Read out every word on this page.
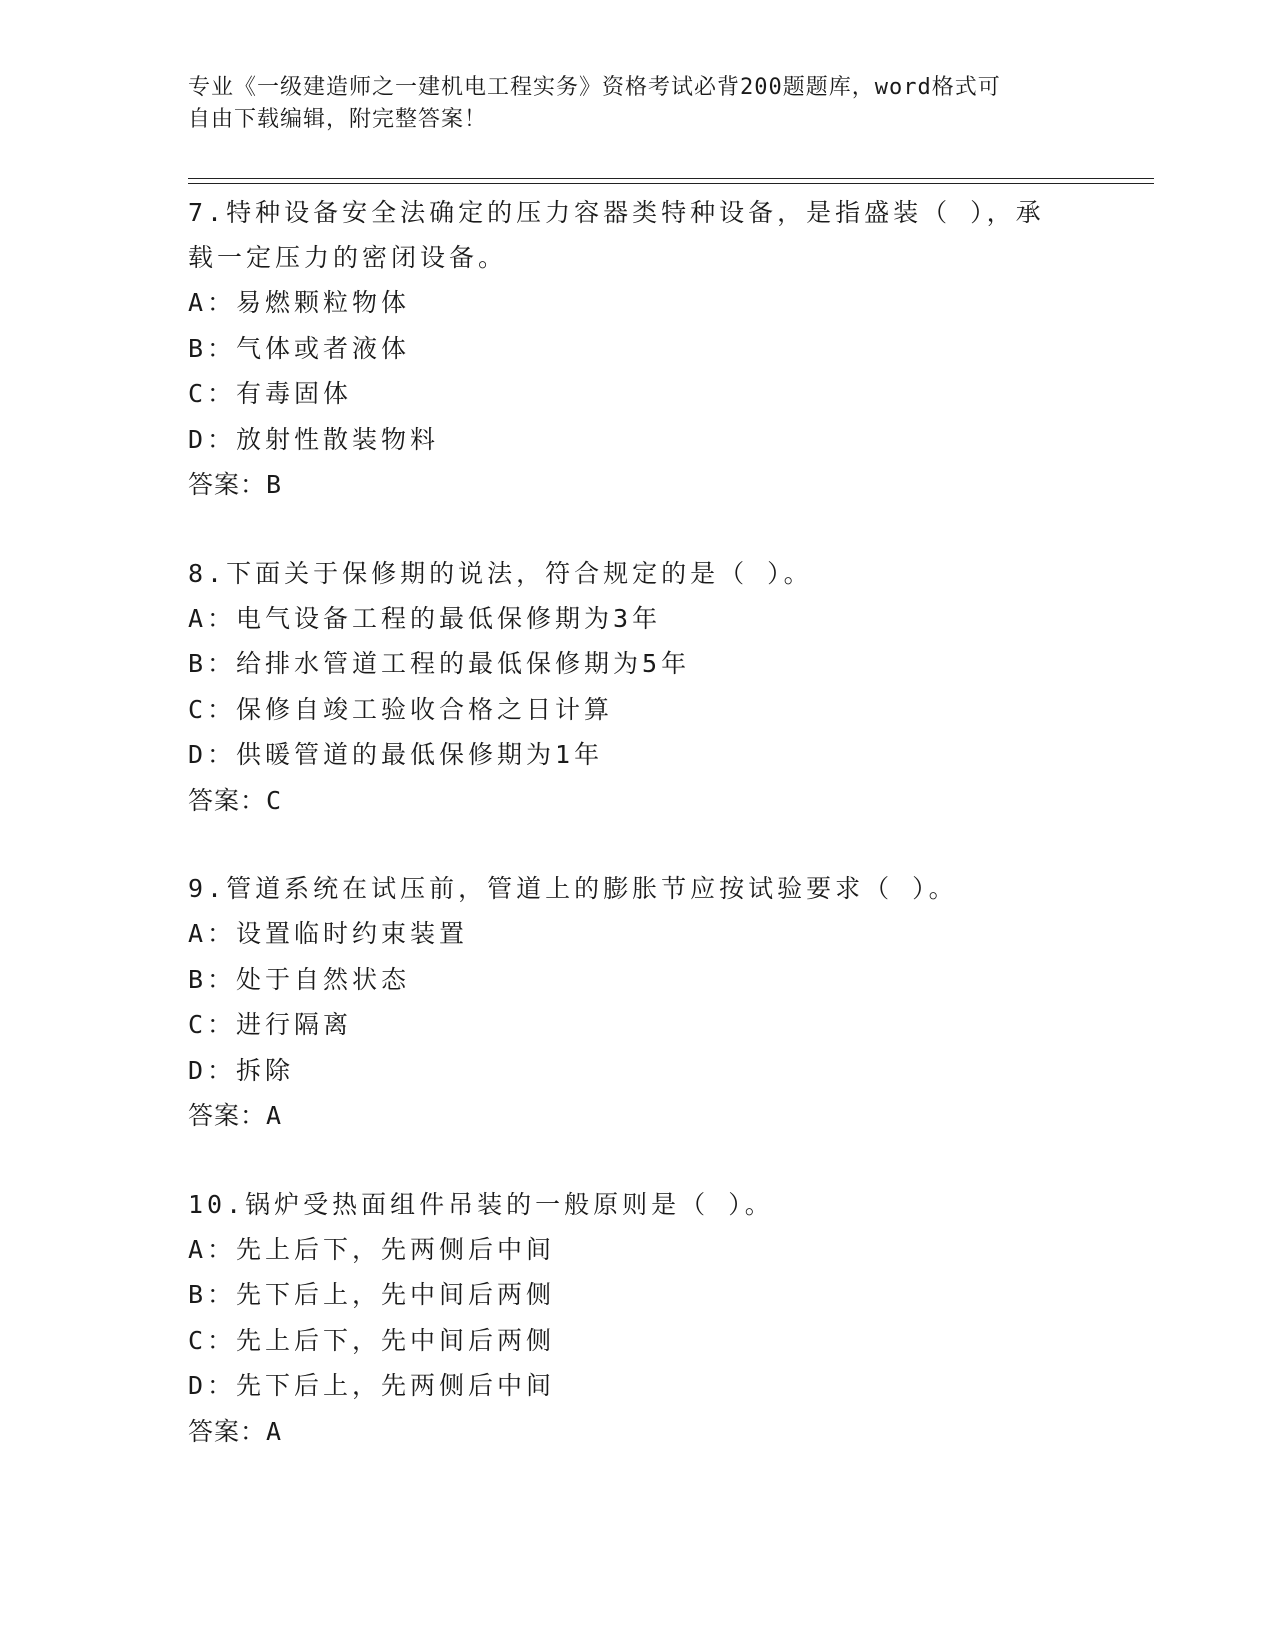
专业《一级建造师之一建机电工程实务》资格考试必背200题题库，word格式可
自由下载编辑，附完整答案！

7.特种设备安全法确定的压力容器类特种设备，是指盛装（ ），承
载一定压力的密闭设备。

A：易燃颗粒物体

B：气体或者液体

C：有毒固体

D：放射性散装物料

答案：B

8.下面关于保修期的说法，符合规定的是（ ）。

A：电气设备工程的最低保修期为3年

B：给排水管道工程的最低保修期为5年

C：保修自竣工验收合格之日计算

D：供暖管道的最低保修期为1年

答案：C

9.管道系统在试压前，管道上的膨胀节应按试验要求（ ）。

A：设置临时约束装置

B：处于自然状态

C：进行隔离

D：拆除

答案：A

10.锅炉受热面组件吊装的一般原则是（ ）。

A：先上后下，先两侧后中间

B：先下后上，先中间后两侧

C：先上后下，先中间后两侧

D：先下后上，先两侧后中间

答案：A
